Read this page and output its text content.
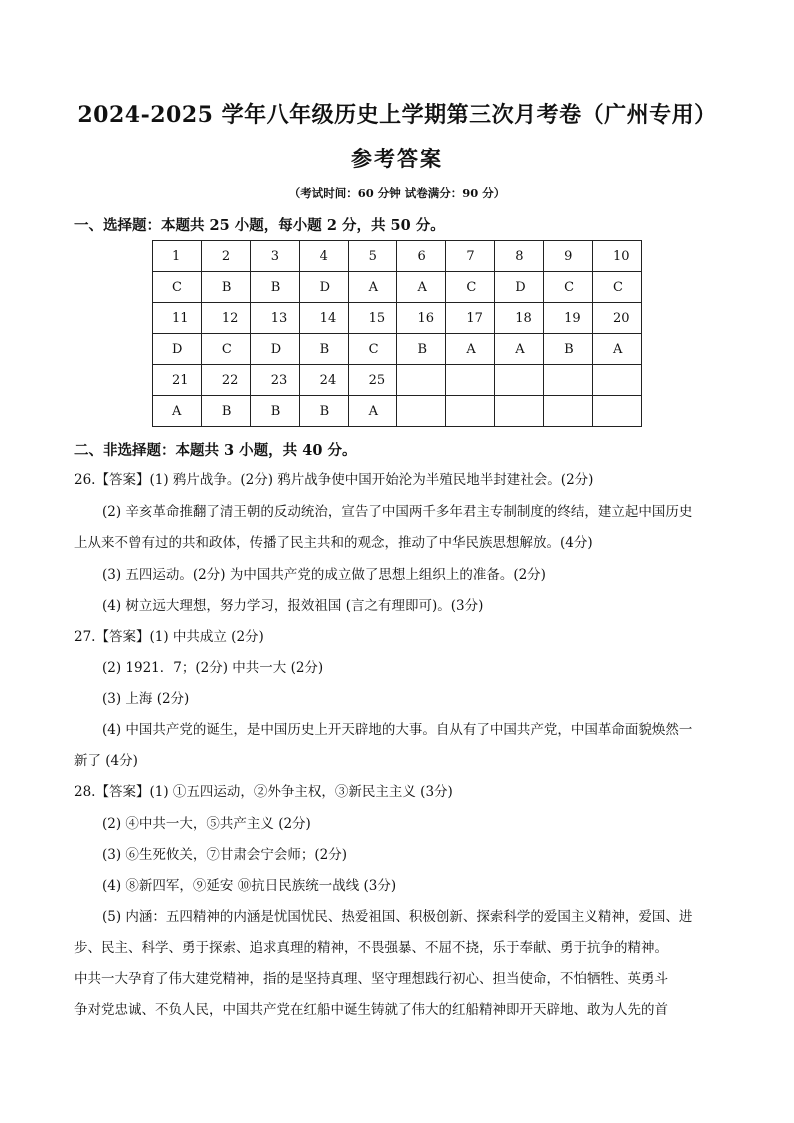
2024-2025 学年八年级历史上学期第三次月考卷（广州专用）
参考答案
（考试时间：60 分钟 试卷满分：90 分）
一、选择题：本题共 25 小题，每小题 2 分，共 50 分。
1	2	3	4	5	6	7	8	9	10
C	B	B	D	A	A	C	D	C	C
11	12	13	14	15	16	17	18	19	20
D	C	D	B	C	B	A	A	B	A
21	22	23	24	25					
A	B	B	B	A					
二、非选择题：本题共 3 小题，共 40 分。
26.【答案】(1) 鸦片战争。(2分) 鸦片战争使中国开始沦为半殖民地半封建社会。(2分)
(2) 辛亥革命推翻了清王朝的反动统治，宣告了中国两千多年君主专制制度的终结，建立起中国历史
上从来不曾有过的共和政体，传播了民主共和的观念，推动了中华民族思想解放。(4分)
(3) 五四运动。(2分) 为中国共产党的成立做了思想上组织上的准备。(2分)
(4) 树立远大理想，努力学习，报效祖国 (言之有理即可)。(3分)
27.【答案】(1) 中共成立 (2分)
(2) 1921．7；(2分) 中共一大 (2分)
(3) 上海 (2分)
(4) 中国共产党的诞生，是中国历史上开天辟地的大事。自从有了中国共产党，中国革命面貌焕然一
新了 (4分)
28.【答案】(1) ①五四运动，②外争主权，③新民主主义 (3分)
(2) ④中共一大，⑤共产主义 (2分)
(3) ⑥生死攸关，⑦甘肃会宁会师；(2分)
(4) ⑧新四军，⑨延安 ⑩抗日民族统一战线 (3分)
(5) 内涵：五四精神的内涵是忧国忧民、热爱祖国、积极创新、探索科学的爱国主义精神，爱国、进
步、民主、科学、勇于探索、追求真理的精神，不畏强暴、不屈不挠，乐于奉献、勇于抗争的精神。
中共一大孕育了伟大建党精神，指的是坚持真理、坚守理想践行初心、担当使命，不怕牺牲、英勇斗
争对党忠诚、不负人民，中国共产党在红船中诞生铸就了伟大的红船精神即开天辟地、敢为人先的首
